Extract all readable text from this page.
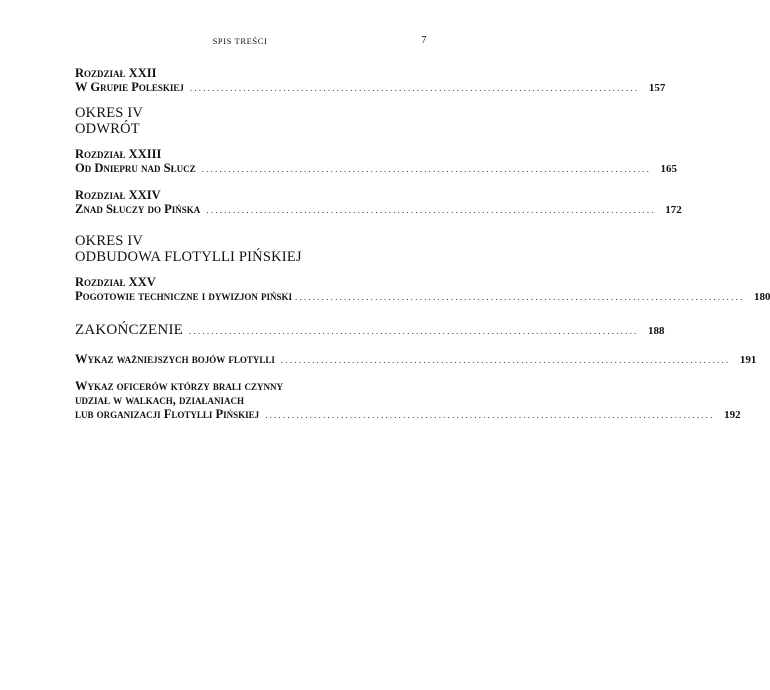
SPIS TREŚCI	7
Rozdział XXII
W Grupie Poleskiej ..................................................................................................... 157
OKRES IV
ODWRÓT
Rozdział XXIII
Od Dniepru nad Słucz ..................................................................................................... 165
Rozdział XXIV
Znad Słuczy do Pińska ..................................................................................................... 172
OKRES IV
ODBUDOWA FLOTYLLI PIŃSKIEJ
Rozdział XXV
Pogotowie techniczne i dywizjon piński ..................................................................................................... 180
ZAKOŃCZENIE ..................................................................................................... 188
Wykaz ważniejszych bojów flotylli ..................................................................................................... 191
Wykaz oficerów którzy brali czynny
udział w walkach, działaniach
lub organizacji Flotylli Pińskiej ..................................................................................................... 192
